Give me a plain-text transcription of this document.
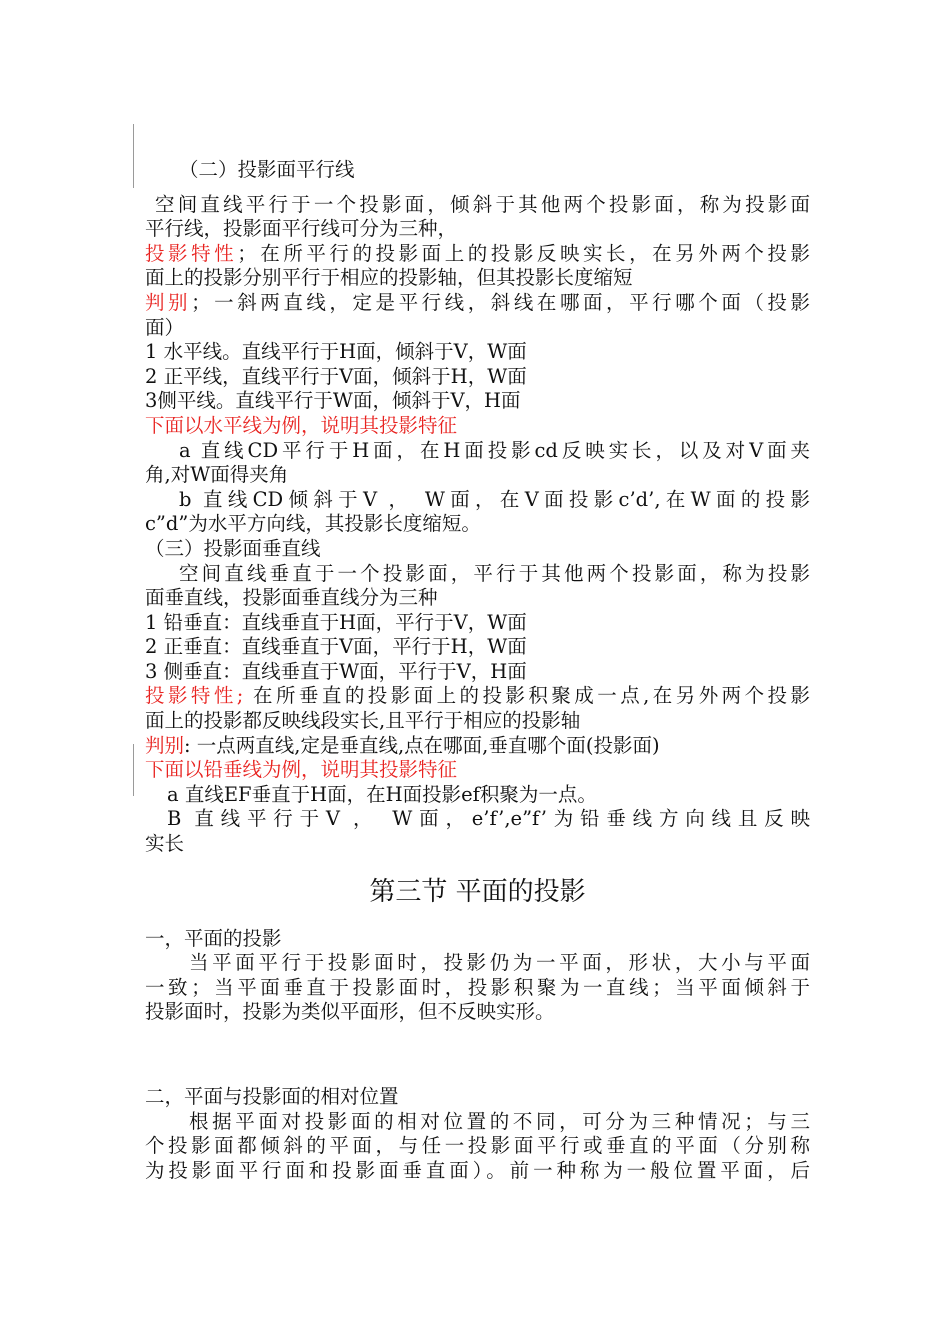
（二）投影面平行线
空间直线平行于一个投影面，倾斜于其他两个投影面，称为投影面
平行线，投影面平行线可分为三种，
投影特性；在所平行的投影面上的投影反映实长，在另外两个投影
面上的投影分别平行于相应的投影轴，但其投影长度缩短
判别；一斜两直线，定是平行线，斜线在哪面，平行哪个面（投影
面）
1 水平线。直线平行于H面，倾斜于V，W面
2 正平线，直线平行于V面，倾斜于H，W面
3侧平线。直线平行于W面，倾斜于V，H面
下面以水平线为例，说明其投影特征
a 直线CD平行于H面，在H面投影cd反映实长，以及对V面夹
角,对W面得夹角
b 直线CD倾斜于V ， W面，在V面投影c’d’,在W面的投影
c”d”为水平方向线，其投影长度缩短。
（三）投影面垂直线
空间直线垂直于一个投影面，平行于其他两个投影面，称为投影
面垂直线，投影面垂直线分为三种
1 铅垂直：直线垂直于H面，平行于V，W面
2 正垂直：直线垂直于V面，平行于H，W面
3 侧垂直：直线垂直于W面，平行于V，H面
投影特性; 在所垂直的投影面上的投影积聚成一点,在另外两个投影
面上的投影都反映线段实长,且平行于相应的投影轴
判别: 一点两直线,定是垂直线,点在哪面,垂直哪个面(投影面)
下面以铅垂线为例，说明其投影特征
a 直线EF垂直于H面，在H面投影ef积聚为一点。
B 直线平行于V ， W面，e’f’,e”f’为铅垂线方向线且反映
实长
第三节 平面的投影
一，平面的投影
当平面平行于投影面时，投影仍为一平面，形状，大小与平面
一致；当平面垂直于投影面时，投影积聚为一直线；当平面倾斜于
投影面时，投影为类似平面形，但不反映实形。
二，平面与投影面的相对位置
根据平面对投影面的相对位置的不同，可分为三种情况；与三
个投影面都倾斜的平面，与任一投影面平行或垂直的平面（分别称
为投影面平行面和投影面垂直面）。前一种称为一般位置平面，后
